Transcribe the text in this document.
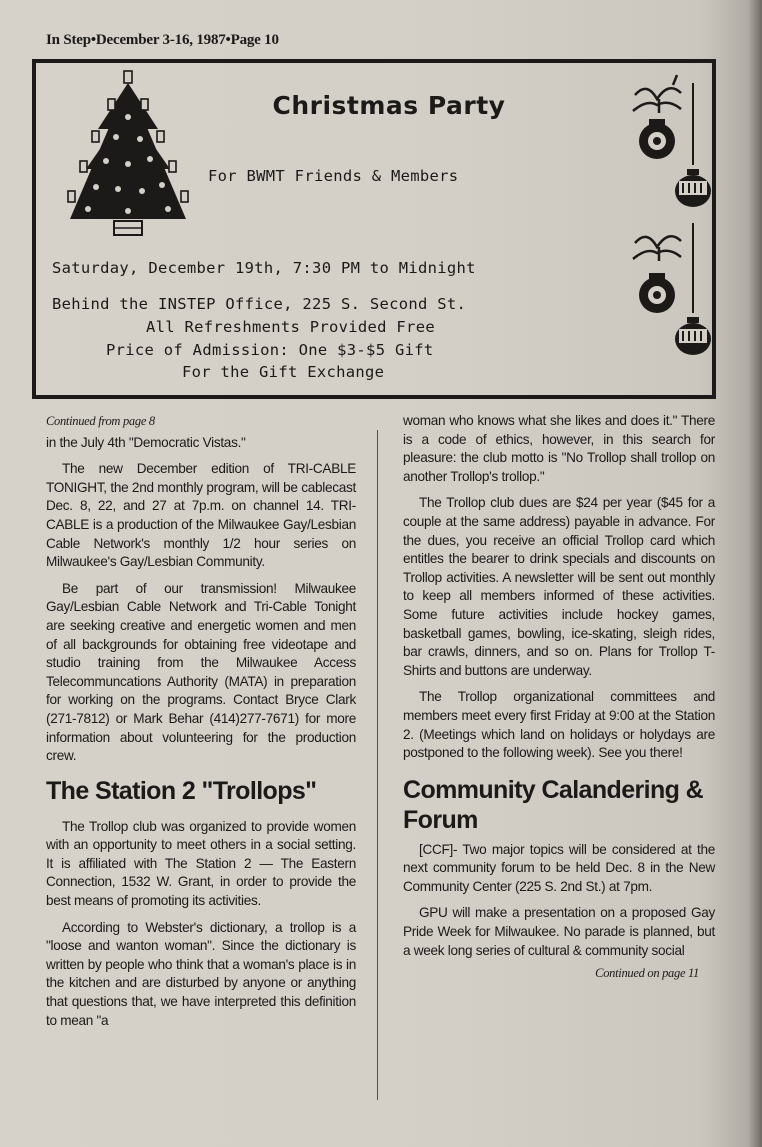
In Step•December 3-16, 1987•Page 10
Christmas Party
For BWMT Friends & Members
Saturday, December 19th, 7:30 PM to Midnight
Behind the INSTEP Office, 225 S. Second St.
All Refreshments Provided Free
Price of Admission: One $3-$5 Gift
For the Gift Exchange
Continued from page 8

in the July 4th "Democratic Vistas."

The new December edition of TRI-CABLE TONIGHT, the 2nd monthly program, will be cablecast Dec. 8, 22, and 27 at 7p.m. on channel 14. TRI-CABLE is a production of the Milwaukee Gay/Lesbian Cable Network's monthly 1/2 hour series on Milwaukee's Gay/Lesbian Community.

Be part of our transmission! Milwaukee Gay/Lesbian Cable Network and Tri-Cable Tonight are seeking creative and energetic women and men of all backgrounds for obtaining free videotape and studio training from the Milwaukee Access Telecommuncations Authority (MATA) in preparation for working on the programs. Contact Bryce Clark (271-7812) or Mark Behar (414)277-7671) for more information about volunteering for the production crew.

The Station 2 "Trollops"

The Trollop club was organized to provide women with an opportunity to meet others in a social setting. It is affiliated with The Station 2 — The Eastern Connection, 1532 W. Grant, in order to provide the best means of promoting its activities.

According to Webster's dictionary, a trollop is a "loose and wanton woman". Since the dictionary is written by people who think that a woman's place is in the kitchen and are disturbed by anyone or anything that questions that, we have interpreted this definition to mean "a

woman who knows what she likes and does it." There is a code of ethics, however, in this search for pleasure: the club motto is "No Trollop shall trollop on another Trollop's trollop."

The Trollop club dues are $24 per year ($45 for a couple at the same address) payable in advance. For the dues, you receive an official Trollop card which entitles the bearer to drink specials and discounts on Trollop activities. A newsletter will be sent out monthly to keep all members informed of these activities. Some future activities include hockey games, basketball games, bowling, ice-skating, sleigh rides, bar crawls, dinners, and so on. Plans for Trollop T-Shirts and buttons are underway.

The Trollop organizational committees and members meet every first Friday at 9:00 at the Station 2. (Meetings which land on holidays or holydays are postponed to the following week). See you there!

Community Calandering & Forum

[CCF]- Two major topics will be considered at the next community forum to be held Dec. 8 in the New Community Center (225 S. 2nd St.) at 7pm.

GPU will make a presentation on a proposed Gay Pride Week for Milwaukee. No parade is planned, but a week long series of cultural & community social

Continued on page 11
